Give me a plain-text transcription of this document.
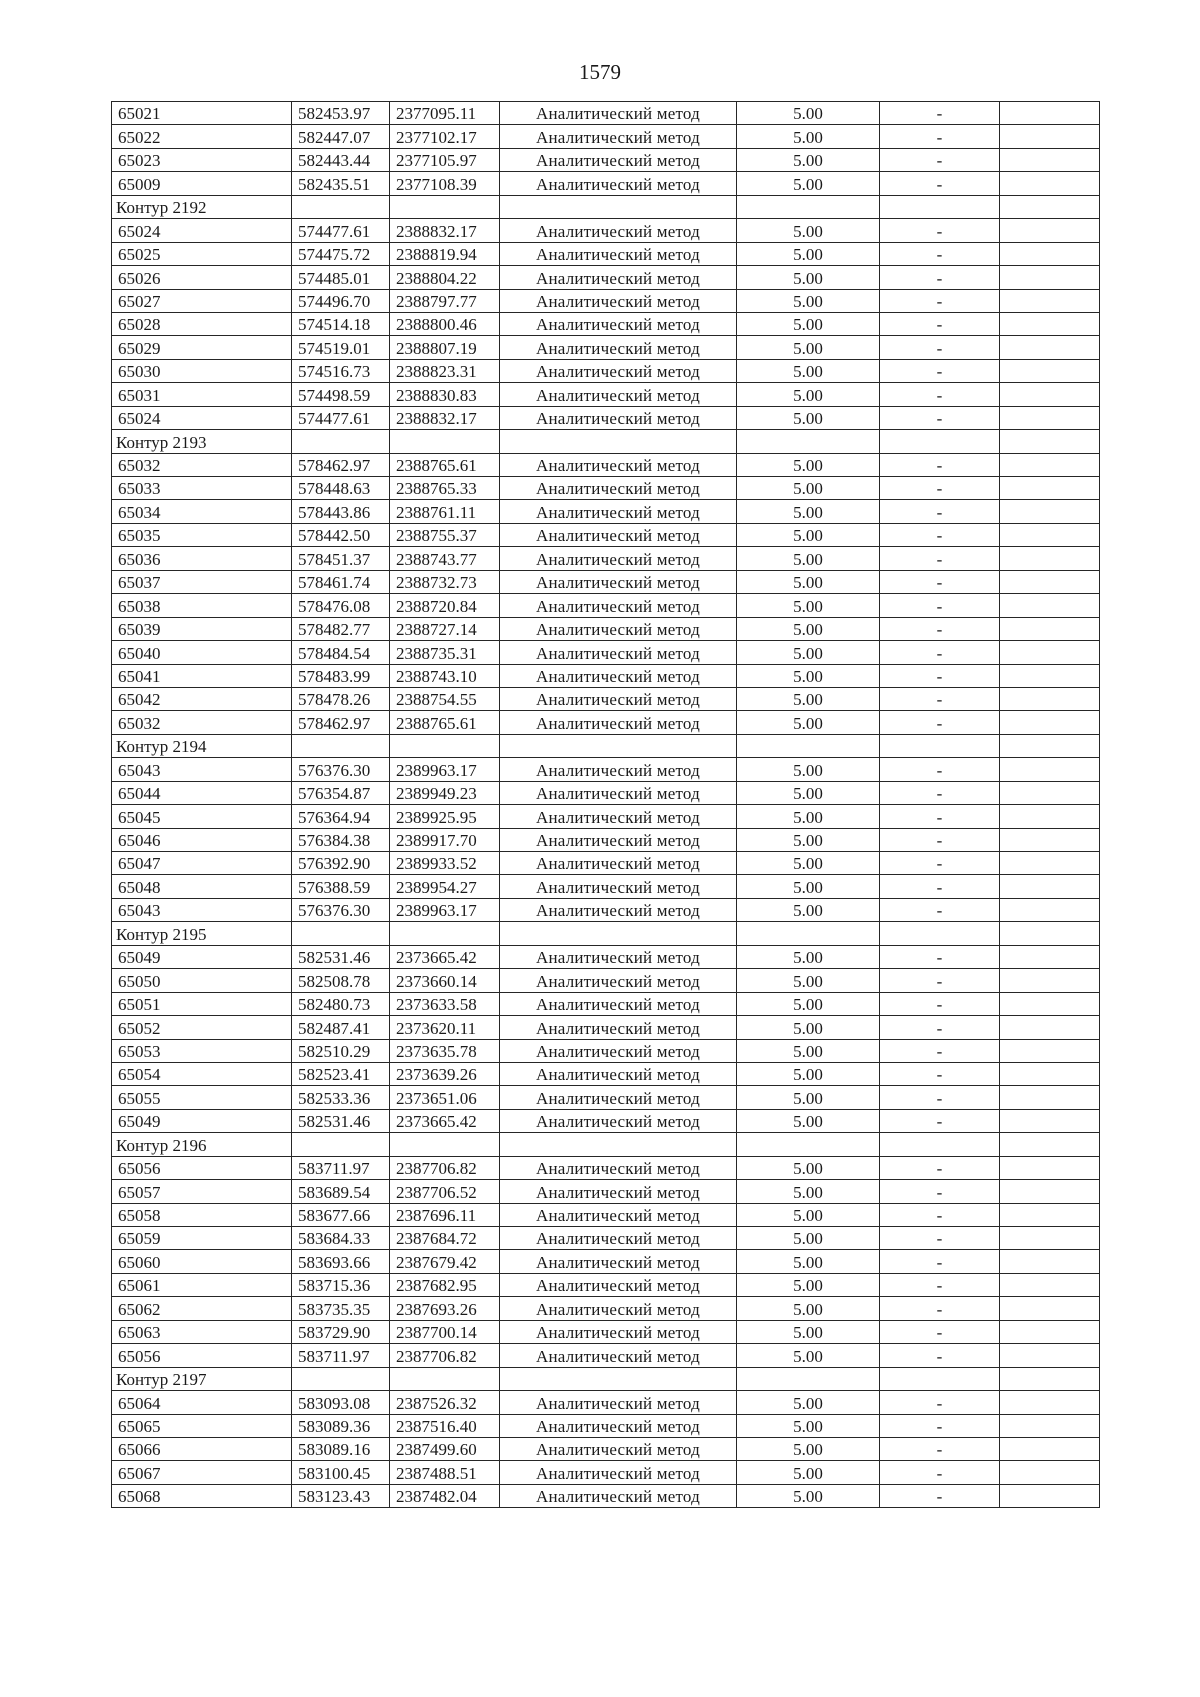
1579
65021	582453.97	2377095.11	Аналитический метод	5.00	-	
65022	582447.07	2377102.17	Аналитический метод	5.00	-	
65023	582443.44	2377105.97	Аналитический метод	5.00	-	
65009	582435.51	2377108.39	Аналитический метод	5.00	-	
Контур 2192						
65024	574477.61	2388832.17	Аналитический метод	5.00	-	
65025	574475.72	2388819.94	Аналитический метод	5.00	-	
65026	574485.01	2388804.22	Аналитический метод	5.00	-	
65027	574496.70	2388797.77	Аналитический метод	5.00	-	
65028	574514.18	2388800.46	Аналитический метод	5.00	-	
65029	574519.01	2388807.19	Аналитический метод	5.00	-	
65030	574516.73	2388823.31	Аналитический метод	5.00	-	
65031	574498.59	2388830.83	Аналитический метод	5.00	-	
65024	574477.61	2388832.17	Аналитический метод	5.00	-	
Контур 2193						
65032	578462.97	2388765.61	Аналитический метод	5.00	-	
65033	578448.63	2388765.33	Аналитический метод	5.00	-	
65034	578443.86	2388761.11	Аналитический метод	5.00	-	
65035	578442.50	2388755.37	Аналитический метод	5.00	-	
65036	578451.37	2388743.77	Аналитический метод	5.00	-	
65037	578461.74	2388732.73	Аналитический метод	5.00	-	
65038	578476.08	2388720.84	Аналитический метод	5.00	-	
65039	578482.77	2388727.14	Аналитический метод	5.00	-	
65040	578484.54	2388735.31	Аналитический метод	5.00	-	
65041	578483.99	2388743.10	Аналитический метод	5.00	-	
65042	578478.26	2388754.55	Аналитический метод	5.00	-	
65032	578462.97	2388765.61	Аналитический метод	5.00	-	
Контур 2194						
65043	576376.30	2389963.17	Аналитический метод	5.00	-	
65044	576354.87	2389949.23	Аналитический метод	5.00	-	
65045	576364.94	2389925.95	Аналитический метод	5.00	-	
65046	576384.38	2389917.70	Аналитический метод	5.00	-	
65047	576392.90	2389933.52	Аналитический метод	5.00	-	
65048	576388.59	2389954.27	Аналитический метод	5.00	-	
65043	576376.30	2389963.17	Аналитический метод	5.00	-	
Контур 2195						
65049	582531.46	2373665.42	Аналитический метод	5.00	-	
65050	582508.78	2373660.14	Аналитический метод	5.00	-	
65051	582480.73	2373633.58	Аналитический метод	5.00	-	
65052	582487.41	2373620.11	Аналитический метод	5.00	-	
65053	582510.29	2373635.78	Аналитический метод	5.00	-	
65054	582523.41	2373639.26	Аналитический метод	5.00	-	
65055	582533.36	2373651.06	Аналитический метод	5.00	-	
65049	582531.46	2373665.42	Аналитический метод	5.00	-	
Контур 2196						
65056	583711.97	2387706.82	Аналитический метод	5.00	-	
65057	583689.54	2387706.52	Аналитический метод	5.00	-	
65058	583677.66	2387696.11	Аналитический метод	5.00	-	
65059	583684.33	2387684.72	Аналитический метод	5.00	-	
65060	583693.66	2387679.42	Аналитический метод	5.00	-	
65061	583715.36	2387682.95	Аналитический метод	5.00	-	
65062	583735.35	2387693.26	Аналитический метод	5.00	-	
65063	583729.90	2387700.14	Аналитический метод	5.00	-	
65056	583711.97	2387706.82	Аналитический метод	5.00	-	
Контур 2197						
65064	583093.08	2387526.32	Аналитический метод	5.00	-	
65065	583089.36	2387516.40	Аналитический метод	5.00	-	
65066	583089.16	2387499.60	Аналитический метод	5.00	-	
65067	583100.45	2387488.51	Аналитический метод	5.00	-	
65068	583123.43	2387482.04	Аналитический метод	5.00	-	
